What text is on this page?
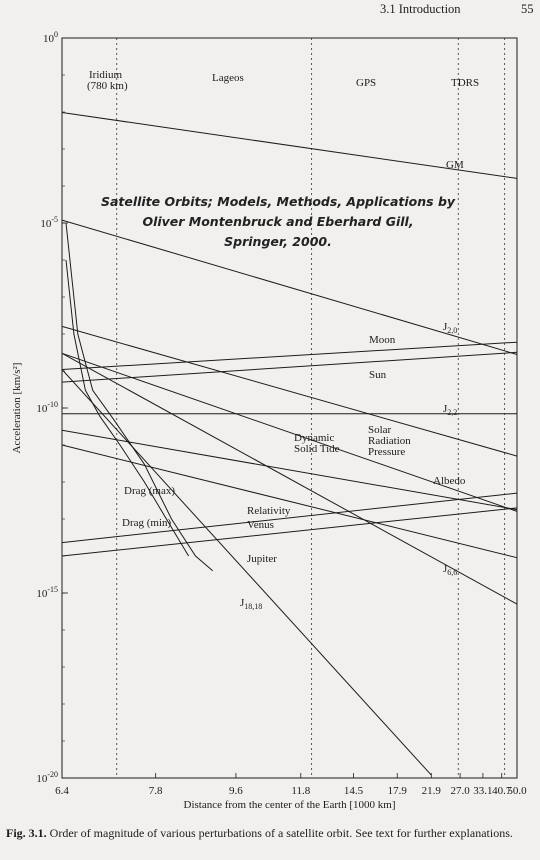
3.1 Introduction	55
6.4	7.8	9.6	11.8	14.5 17.9 21.9 27.0 33.1 40.7
50.0
$10^0$
$10^{-5}$
$10^{-10}$
$10^{-15}$
$10^{-20}$
Iridium
(780 km)
Lageos	GPS	TDRS
GM
$J_{2,0}$
Moon
Sun
$J_{2,2}$
Solar
Radiation
Pressure
Dynamic
Solid Tide
Albedo
Relativity
Venus
Jupiter
$J_{6,6}$
$J_{18,18}$
Drag (max)
Drag (min)
Satellite Orbits; Models, Methods, Applications by
Oliver Montenbruck and Eberhard Gill,
Springer, 2000.
Distance from the center of the Earth [1000 km]
Acceleration [km/s²]
Fig. 3.1. Order of magnitude of various perturbations of a satellite orbit. See text for further explanations.
